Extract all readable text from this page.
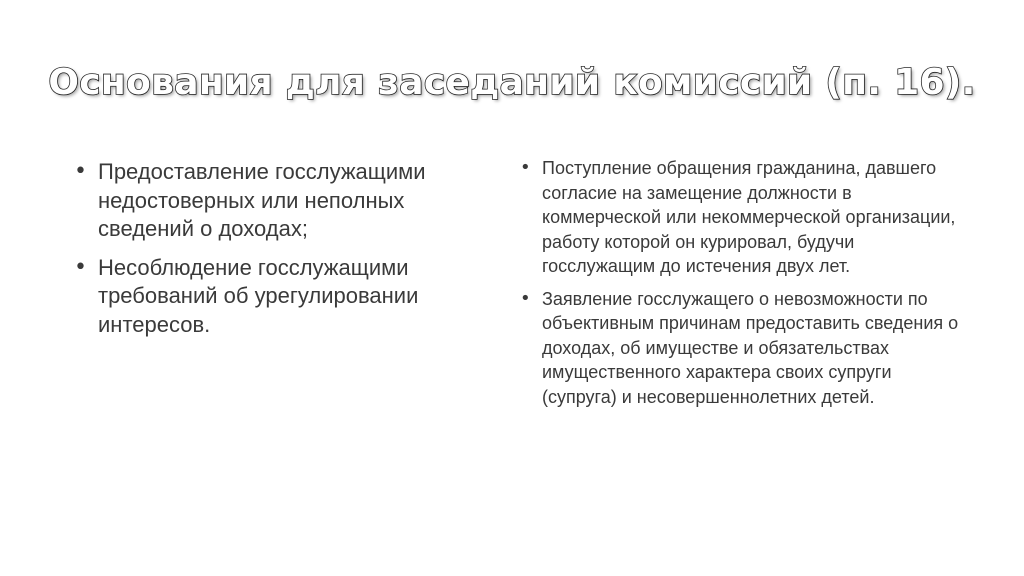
Основания для заседаний комиссий (п. 16).
• Предоставление госслужащими недостоверных или неполных сведений о доходах;
• Несоблюдение госслужащими требований об урегулировании интересов.
• Поступление обращения гражданина, давшего согласие на замещение должности в коммерческой или некоммерческой организации, работу которой он курировал, будучи госслужащим до истечения двух лет.
• Заявление госслужащего о невозможности по объективным причинам предоставить сведения о доходах, об имуществе и обязательствах имущественного характера своих супруги (супруга) и несовершеннолетних детей.
